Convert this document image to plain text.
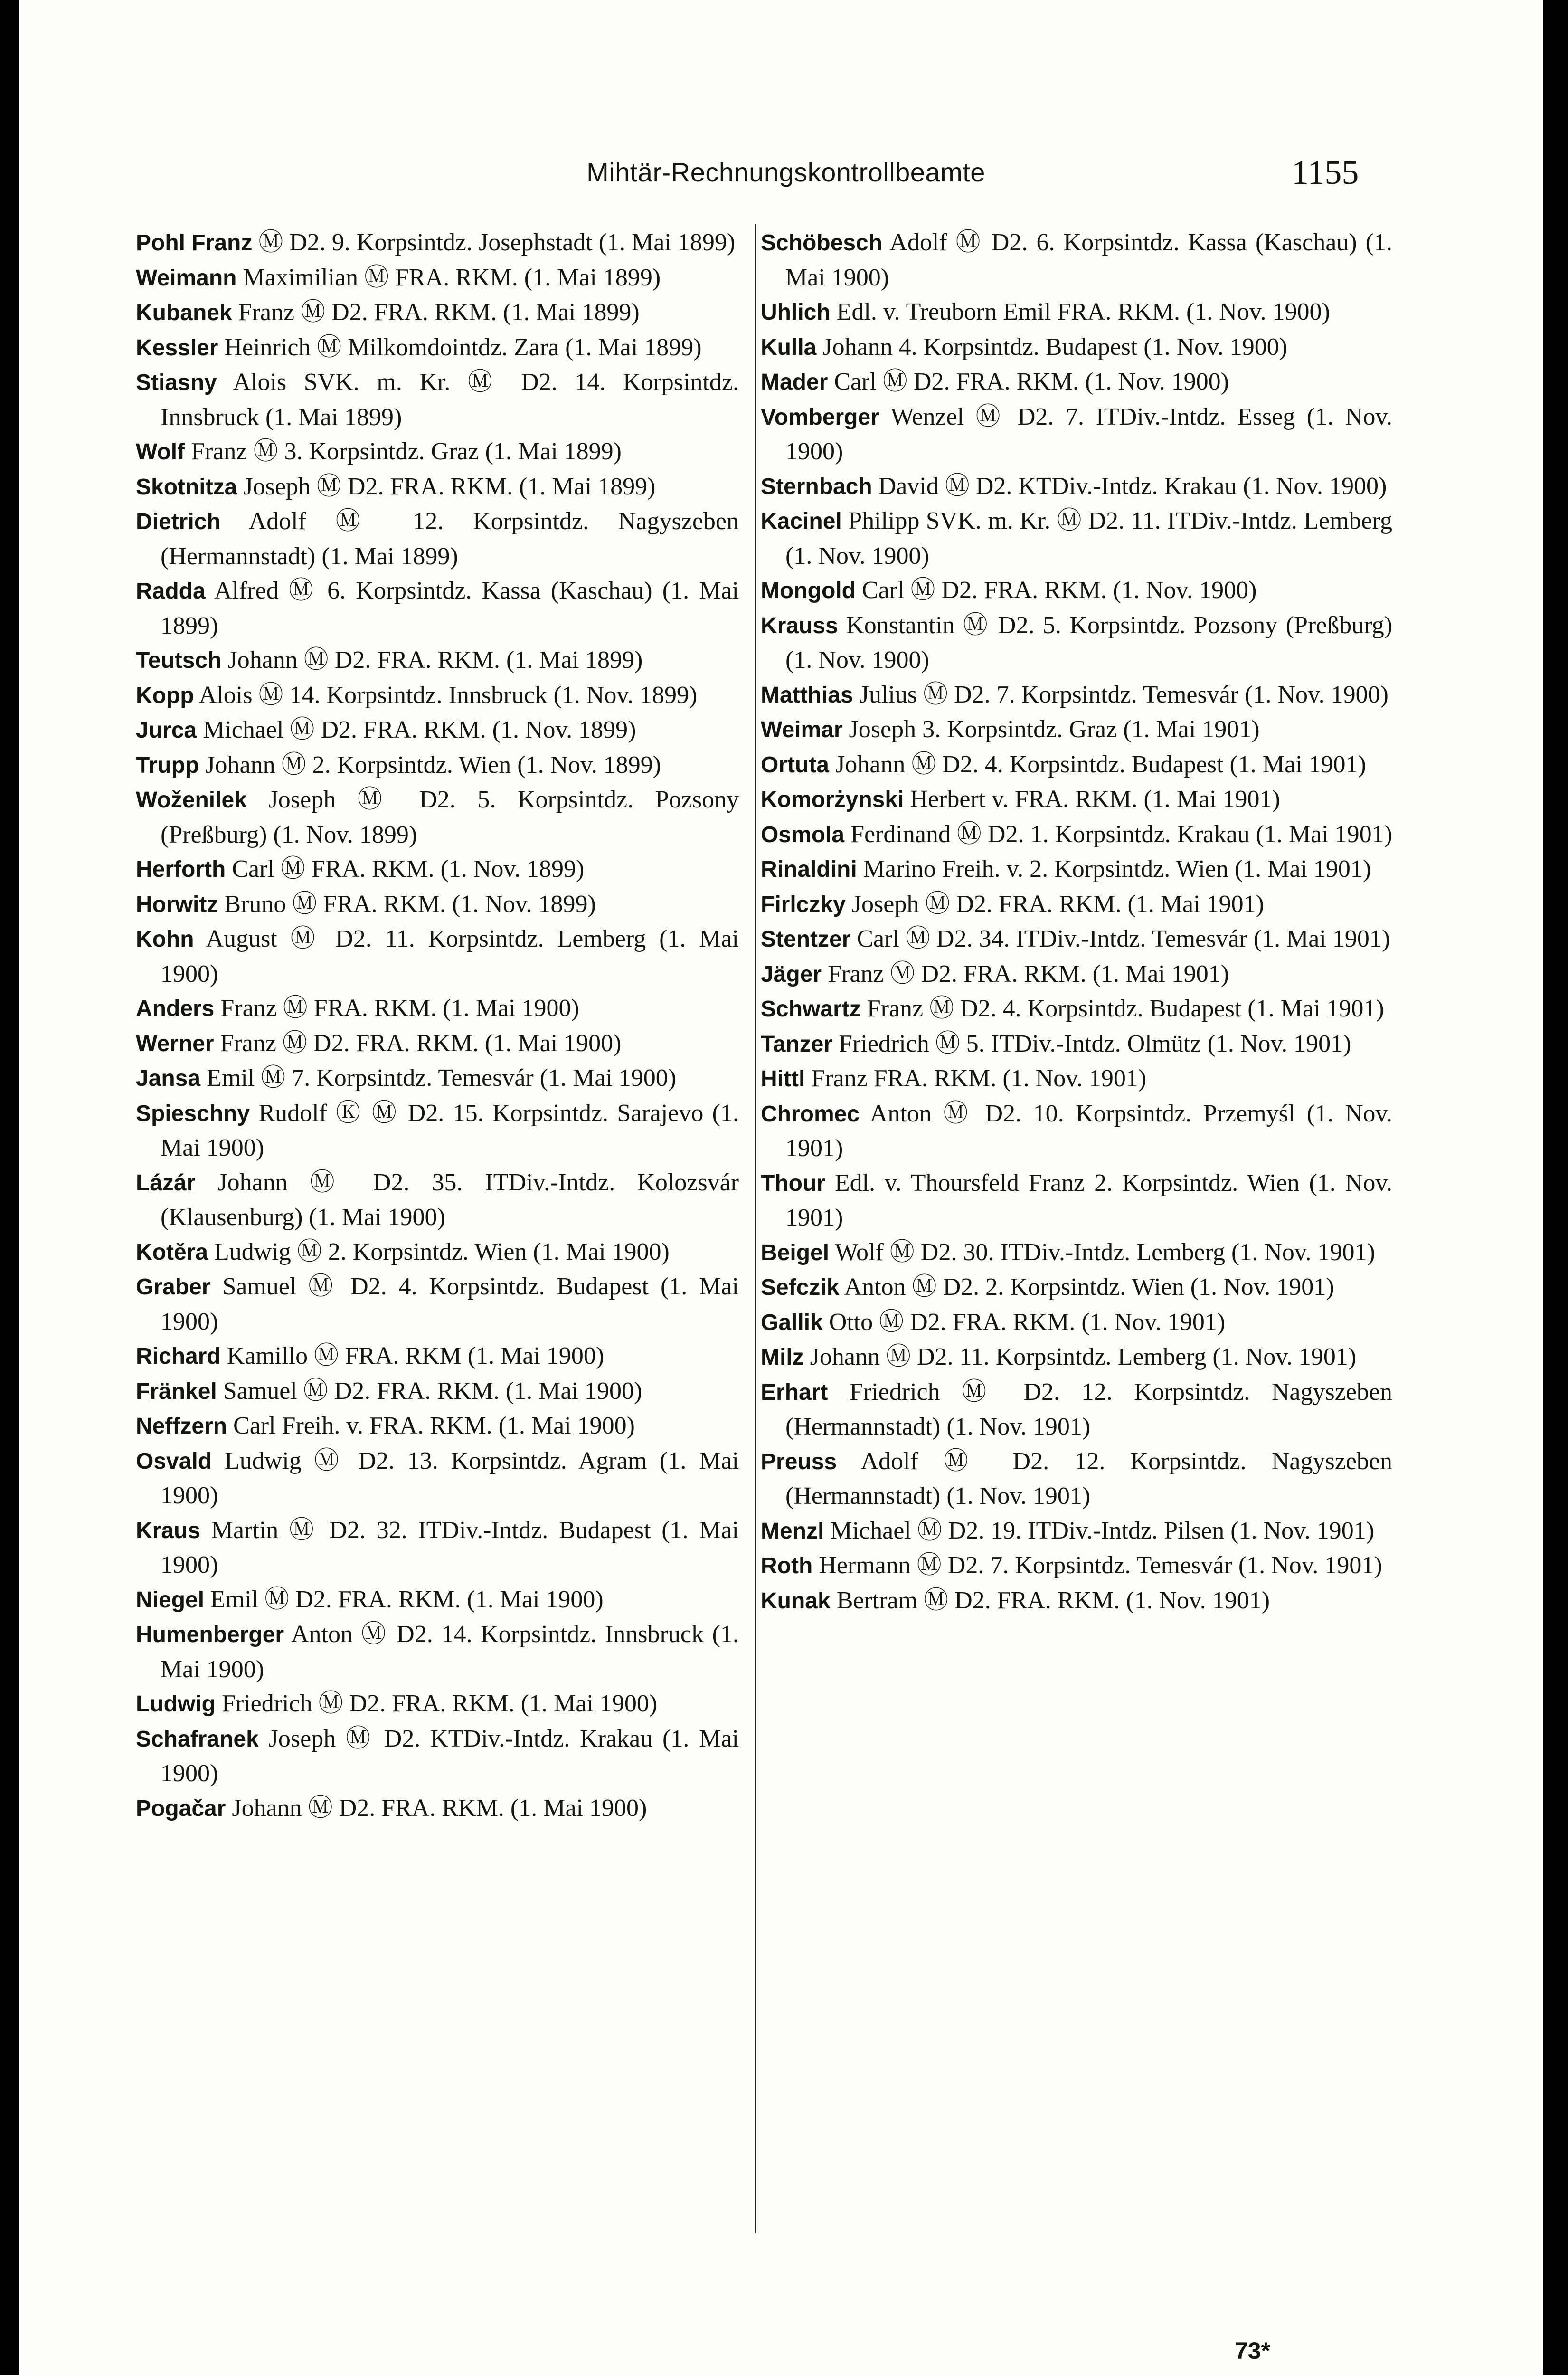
Mihtär-Rechnungskontrollbeamte	1155
Pohl Franz Ⓜ D2. 9. Korpsintdz. Josephstadt (1. Mai 1899)
Weimann Maximilian Ⓜ FRA. RKM. (1. Mai 1899)
Kubanek Franz Ⓜ D2. FRA. RKM. (1. Mai 1899)
Kessler Heinrich Ⓜ Milkomdointdz. Zara (1. Mai 1899)
Stiasny Alois SVK. m. Kr. Ⓜ D2. 14. Korpsintdz. Innsbruck (1. Mai 1899)
Wolf Franz Ⓜ 3. Korpsintdz. Graz (1. Mai 1899)
Skotnitza Joseph Ⓜ D2. FRA. RKM. (1. Mai 1899)
Dietrich Adolf Ⓜ 12. Korpsintdz. Nagyszeben (Hermannstadt) (1. Mai 1899)
Radda Alfred Ⓜ 6. Korpsintdz. Kassa (Kaschau) (1. Mai 1899)
Teutsch Johann Ⓜ D2. FRA. RKM. (1. Mai 1899)
Kopp Alois Ⓜ 14. Korpsintdz. Innsbruck (1. Nov. 1899)
Jurca Michael Ⓜ D2. FRA. RKM. (1. Nov. 1899)
Trupp Johann Ⓜ 2. Korpsintdz. Wien (1. Nov. 1899)
Woženilek Joseph Ⓜ D2. 5. Korpsintdz. Pozsony (Preßburg) (1. Nov. 1899)
Herforth Carl Ⓜ FRA. RKM. (1. Nov. 1899)
Horwitz Bruno Ⓜ FRA. RKM. (1. Nov. 1899)
Kohn August Ⓜ D2. 11. Korpsintdz. Lemberg (1. Mai 1900)
Anders Franz Ⓜ FRA. RKM. (1. Mai 1900)
Werner Franz Ⓜ D2. FRA. RKM. (1. Mai 1900)
Jansa Emil Ⓜ 7. Korpsintdz. Temesvár (1. Mai 1900)
Spieschny Rudolf Ⓚ Ⓜ D2. 15. Korpsintdz. Sarajevo (1. Mai 1900)
Lázár Johann Ⓜ D2. 35. ITDiv.-Intdz. Kolozsvár (Klausenburg) (1. Mai 1900)
Kotěra Ludwig Ⓜ 2. Korpsintdz. Wien (1. Mai 1900)
Graber Samuel Ⓜ D2. 4. Korpsintdz. Budapest (1. Mai 1900)
Richard Kamillo Ⓜ FRA. RKM (1. Mai 1900)
Fränkel Samuel Ⓜ D2. FRA. RKM. (1. Mai 1900)
Neffzern Carl Freih. v. FRA. RKM. (1. Mai 1900)
Osvald Ludwig Ⓜ D2. 13. Korpsintdz. Agram (1. Mai 1900)
Kraus Martin Ⓜ D2. 32. ITDiv.-Intdz. Budapest (1. Mai 1900)
Niegel Emil Ⓜ D2. FRA. RKM. (1. Mai 1900)
Humenberger Anton Ⓜ D2. 14. Korpsintdz. Innsbruck (1. Mai 1900)
Ludwig Friedrich Ⓜ D2. FRA. RKM. (1. Mai 1900)
Schafranek Joseph Ⓜ D2. KTDiv.-Intdz. Krakau (1. Mai 1900)
Pogačar Johann Ⓜ D2. FRA. RKM. (1. Mai 1900)
Schöbesch Adolf Ⓜ D2. 6. Korpsintdz. Kassa (Kaschau) (1. Mai 1900)
Uhlich Edl. v. Treuborn Emil FRA. RKM. (1. Nov. 1900)
Kulla Johann 4. Korpsintdz. Budapest (1. Nov. 1900)
Mader Carl Ⓜ D2. FRA. RKM. (1. Nov. 1900)
Vomberger Wenzel Ⓜ D2. 7. ITDiv.-Intdz. Esseg (1. Nov. 1900)
Sternbach David Ⓜ D2. KTDiv.-Intdz. Krakau (1. Nov. 1900)
Kacinel Philipp SVK. m. Kr. Ⓜ D2. 11. ITDiv.-Intdz. Lemberg (1. Nov. 1900)
Mongold Carl Ⓜ D2. FRA. RKM. (1. Nov. 1900)
Krauss Konstantin Ⓜ D2. 5. Korpsintdz. Pozsony (Preßburg) (1. Nov. 1900)
Matthias Julius Ⓜ D2. 7. Korpsintdz. Temesvár (1. Nov. 1900)
Weimar Joseph 3. Korpsintdz. Graz (1. Mai 1901)
Ortuta Johann Ⓜ D2. 4. Korpsintdz. Budapest (1. Mai 1901)
Komorżynski Herbert v. FRA. RKM. (1. Mai 1901)
Osmola Ferdinand Ⓜ D2. 1. Korpsintdz. Krakau (1. Mai 1901)
Rinaldini Marino Freih. v. 2. Korpsintdz. Wien (1. Mai 1901)
Firlczky Joseph Ⓜ D2. FRA. RKM. (1. Mai 1901)
Stentzer Carl Ⓜ D2. 34. ITDiv.-Intdz. Temesvár (1. Mai 1901)
Jäger Franz Ⓜ D2. FRA. RKM. (1. Mai 1901)
Schwartz Franz Ⓜ D2. 4. Korpsintdz. Budapest (1. Mai 1901)
Tanzer Friedrich Ⓜ 5. ITDiv.-Intdz. Olmütz (1. Nov. 1901)
Hittl Franz FRA. RKM. (1. Nov. 1901)
Chromec Anton Ⓜ D2. 10. Korpsintdz. Przemyśl (1. Nov. 1901)
Thour Edl. v. Thoursfeld Franz 2. Korpsintdz. Wien (1. Nov. 1901)
Beigel Wolf Ⓜ D2. 30. ITDiv.-Intdz. Lemberg (1. Nov. 1901)
Sefczik Anton Ⓜ D2. 2. Korpsintdz. Wien (1. Nov. 1901)
Gallik Otto Ⓜ D2. FRA. RKM. (1. Nov. 1901)
Milz Johann Ⓜ D2. 11. Korpsintdz. Lemberg (1. Nov. 1901)
Erhart Friedrich Ⓜ D2. 12. Korpsintdz. Nagyszeben (Hermannstadt) (1. Nov. 1901)
Preuss Adolf Ⓜ D2. 12. Korpsintdz. Nagyszeben (Hermannstadt) (1. Nov. 1901)
Menzl Michael Ⓜ D2. 19. ITDiv.-Intdz. Pilsen (1. Nov. 1901)
Roth Hermann Ⓜ D2. 7. Korpsintdz. Temesvár (1. Nov. 1901)
Kunak Bertram Ⓜ D2. FRA. RKM. (1. Nov. 1901)
73*
